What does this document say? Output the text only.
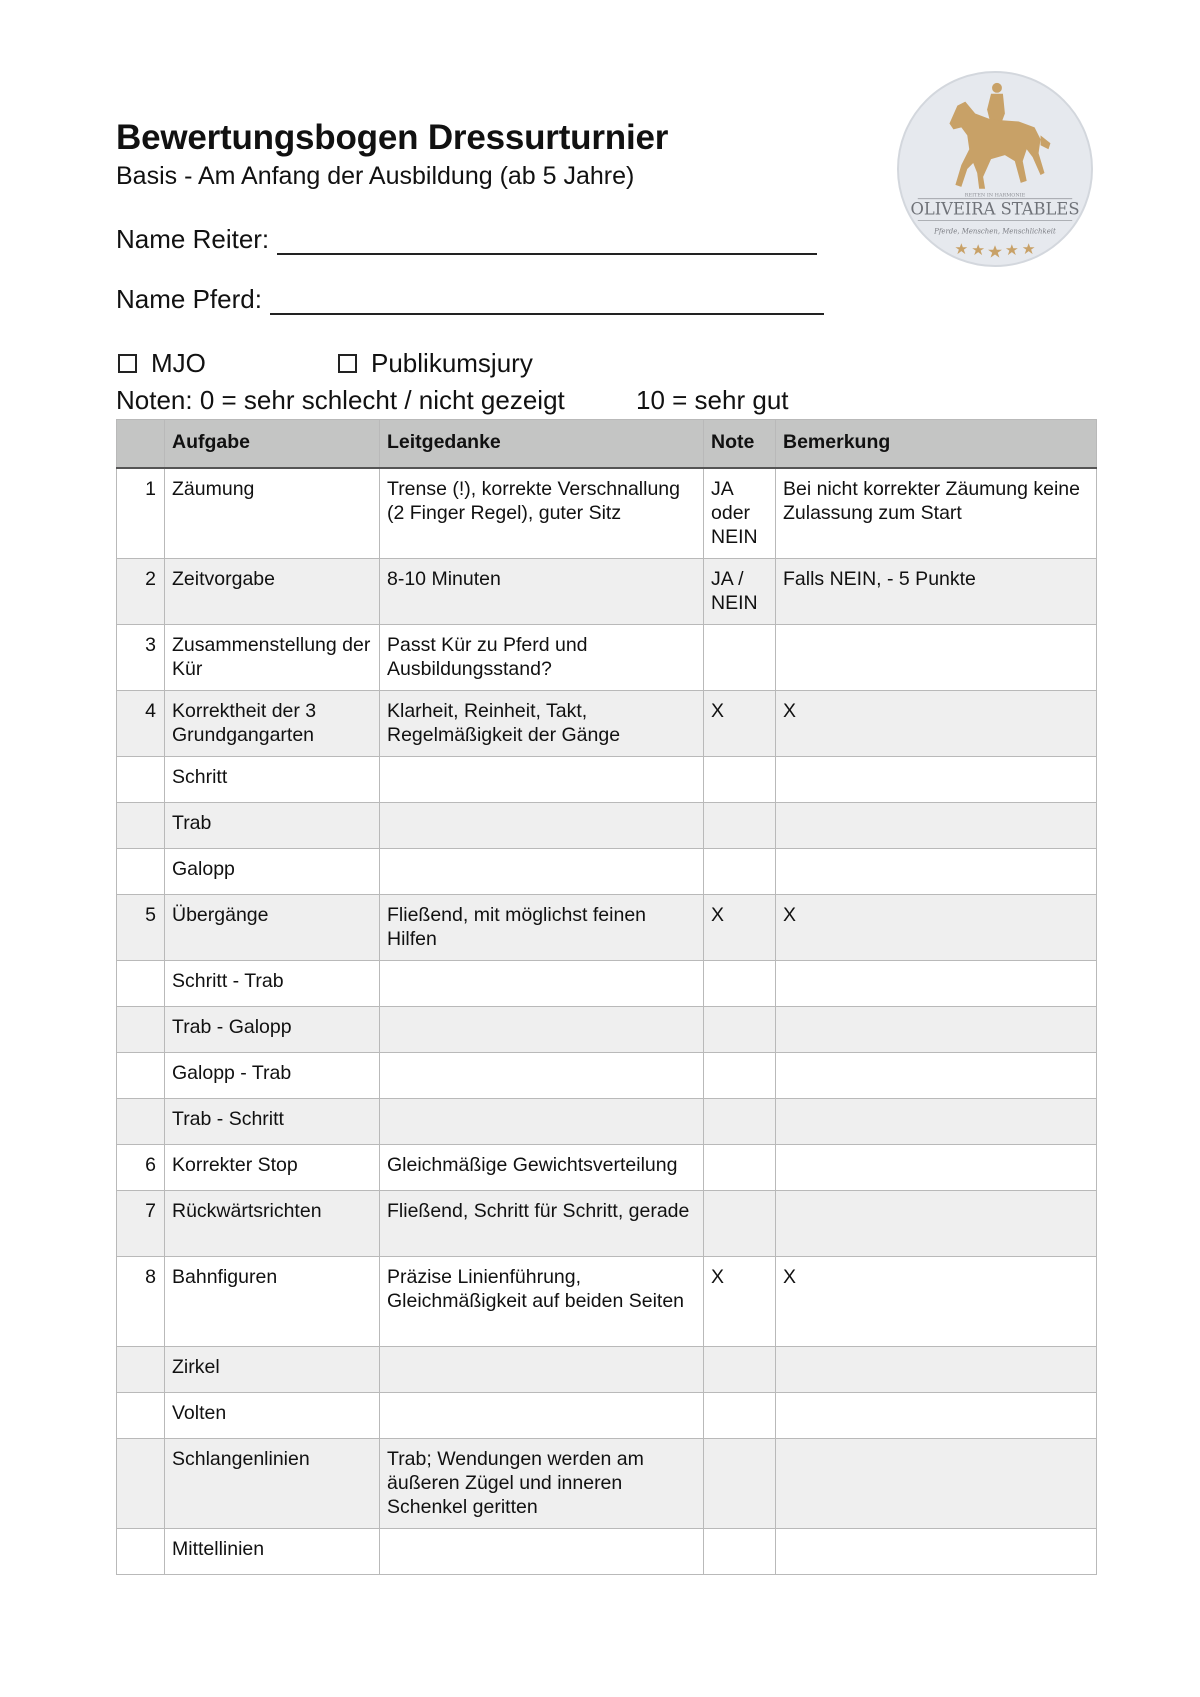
Bewertungsbogen Dressurturnier
Basis - Am Anfang der Ausbildung (ab 5 Jahre)
Name Reiter:
Name Pferd:
MJO	Publikumsjury
Noten: 0 = sehr schlecht / nicht gezeigt	10 = sehr gut
REITEN IN HARMONIE
OLIVEIRA STABLES
Pferde, Menschen, Menschlichkeit
	Aufgabe	Leitgedanke	Note	Bemerkung
1	Zäumung	Trense (!), korrekte Verschnallung (2 Finger Regel), guter Sitz	JA oder NEIN	Bei nicht korrekter Zäumung keine Zulassung zum Start
2	Zeitvorgabe	8-10 Minuten	JA / NEIN	Falls NEIN, - 5 Punkte
3	Zusammenstellung der Kür	Passt Kür zu Pferd und Ausbildungsstand?		
4	Korrektheit der 3 Grundgangarten	Klarheit, Reinheit, Takt, Regelmäßigkeit der Gänge	X	X
	Schritt			
	Trab			
	Galopp			
5	Übergänge	Fließend, mit möglichst feinen Hilfen	X	X
	Schritt - Trab			
	Trab - Galopp			
	Galopp - Trab			
	Trab - Schritt			
6	Korrekter Stop	Gleichmäßige Gewichtsverteilung		
7	Rückwärtsrichten	Fließend, Schritt für Schritt, gerade		
8	Bahnfiguren	Präzise Linienführung, Gleichmäßigkeit auf beiden Seiten	X	X
	Zirkel			
	Volten			
	Schlangenlinien	Trab; Wendungen werden am äußeren Zügel und inneren Schenkel geritten		
	Mittellinien			
